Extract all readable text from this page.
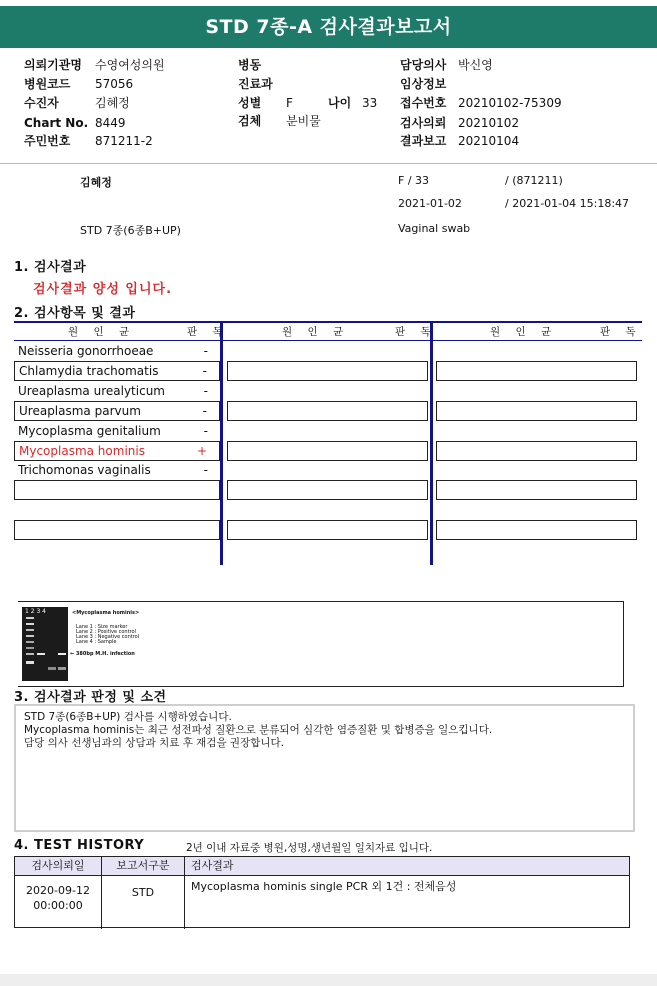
STD 7종-A 검사결과보고서
의뢰기관명 수영여성의원
병원코드 57056
수진자	김혜정
Chart No. 8449
주민번호 871211-2
병동
진료과
성별 F	나이 33
검체 분비물
담당의사 박신영
임상정보
접수번호 20210102-75309
검사의뢰 20210102
결과보고 20210104
김혜정	F / 33	/ (871211)
2021-01-02	/ 2021-01-04 15:18:47
STD 7종(6종B+UP)	Vaginal swab
1. 검사결과
검사결과 양성 입니다.
2. 검사항목 및 결과
원 인 균	판 독	원 인 균	판 독	원 인 균	판 독
Neisseria gonorrhoeae	-
Chlamydia trachomatis	-
Ureaplasma urealyticum	-
Ureaplasma parvum	-
Mycoplasma genitalium	-
Mycoplasma hominis	+
Trichomonas vaginalis	-
1 2 3 4	<Mycoplasma hominis>
Lane 1 : Size marker
Lane 2 : Positive control
Lane 3 : Negative control
Lane 4 : Sample
← 380bp M.H. infection
3. 검사결과 판정 및 소견
STD 7종(6종B+UP) 검사를 시행하였습니다.
Mycoplasma hominis는 최근 성전파성 질환으로 분류되어 심각한 염증질환 및 합병증을 일으킵니다.
담당 의사 선생님과의 상담과 치료 후 재검을 권장합니다.
4. TEST HISTORY	2년 이내 자료중 병원,성명,생년월일 일치자료 입니다.
검사의뢰일	보고서구분	검사결과
2020-09-12
00:00:00
STD	Mycoplasma hominis single PCR 외 1건 : 전체음성
